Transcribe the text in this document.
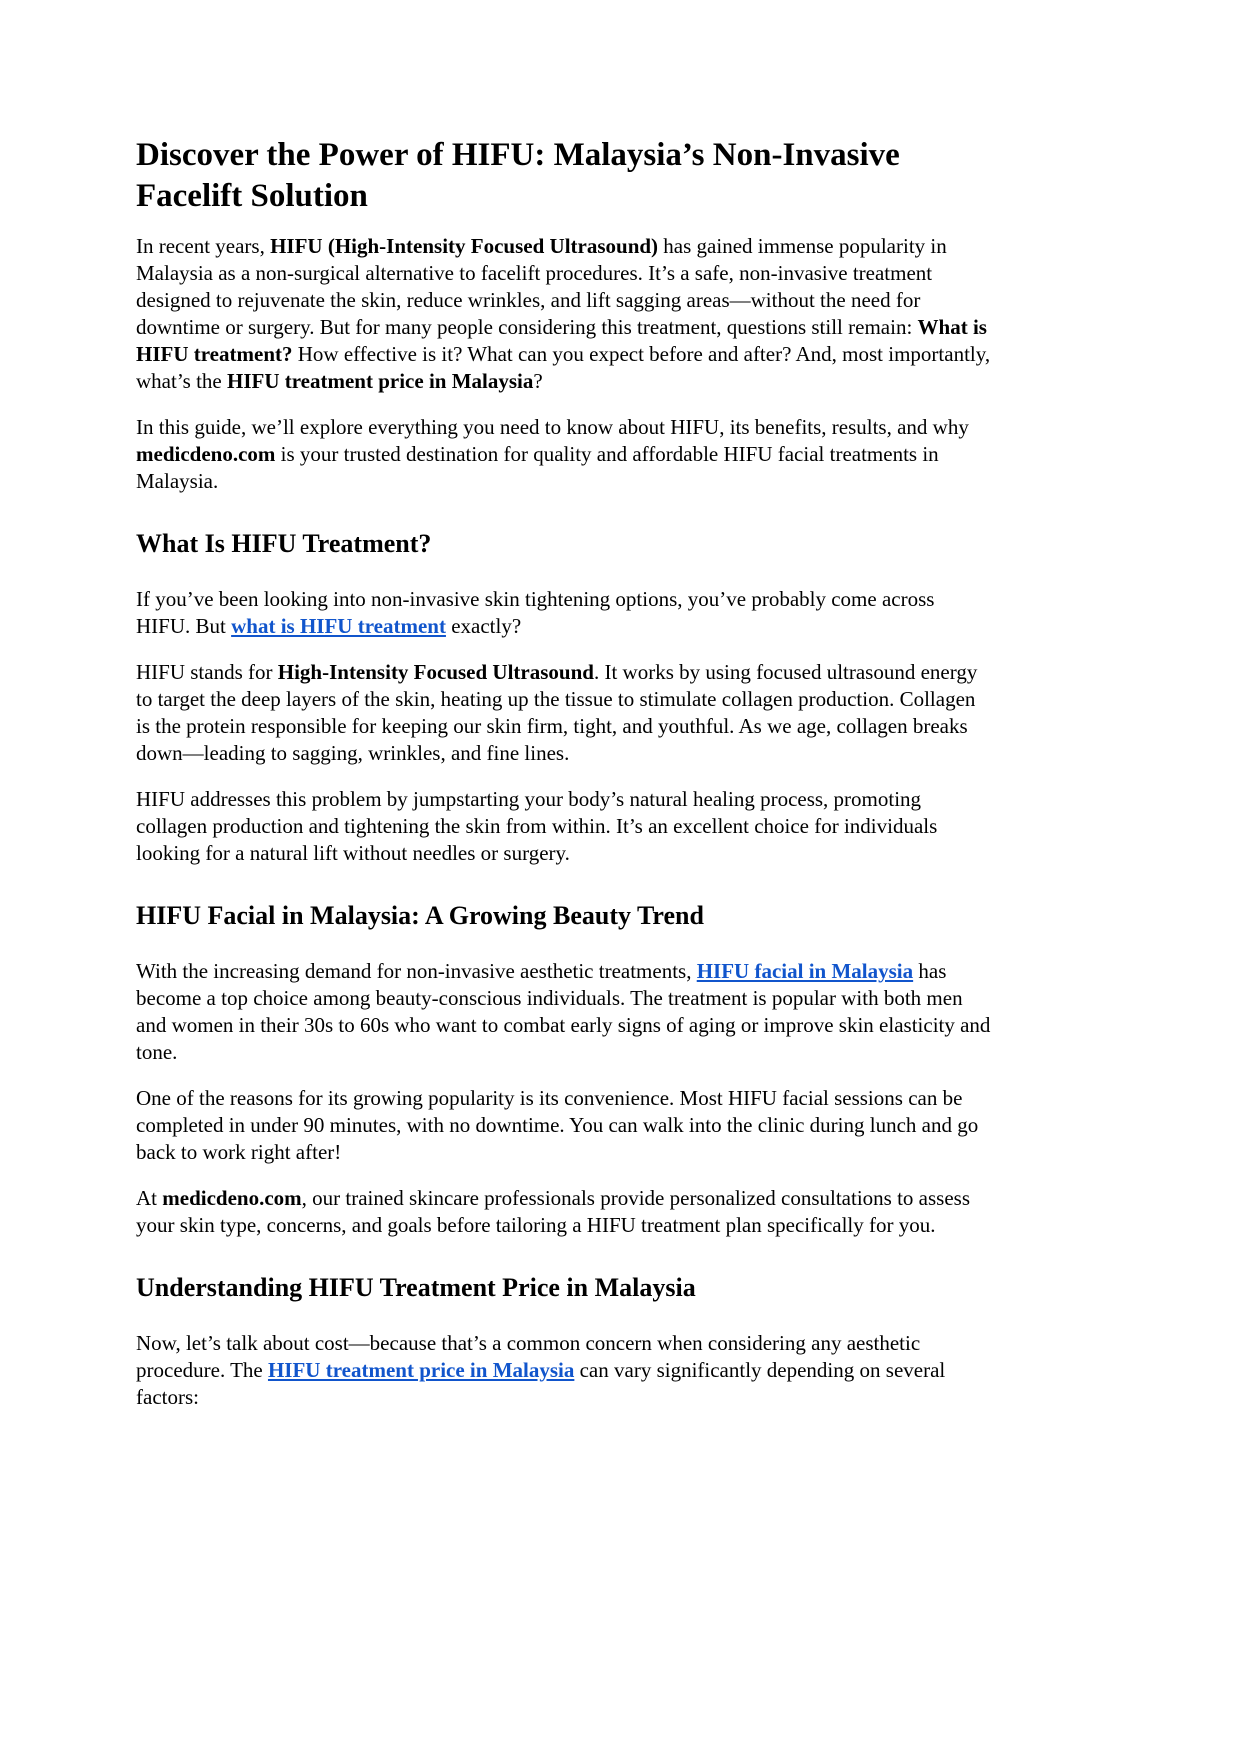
Discover the Power of HIFU: Malaysia’s Non-Invasive Facelift Solution

In recent years, HIFU (High-Intensity Focused Ultrasound) has gained immense popularity in Malaysia as a non-surgical alternative to facelift procedures. It’s a safe, non-invasive treatment designed to rejuvenate the skin, reduce wrinkles, and lift sagging areas—without the need for downtime or surgery. But for many people considering this treatment, questions still remain: What is HIFU treatment? How effective is it? What can you expect before and after? And, most importantly, what’s the HIFU treatment price in Malaysia?

In this guide, we’ll explore everything you need to know about HIFU, its benefits, results, and why medicdeno.com is your trusted destination for quality and affordable HIFU facial treatments in Malaysia.

What Is HIFU Treatment?

If you’ve been looking into non-invasive skin tightening options, you’ve probably come across HIFU. But what is HIFU treatment exactly?

HIFU stands for High-Intensity Focused Ultrasound. It works by using focused ultrasound energy to target the deep layers of the skin, heating up the tissue to stimulate collagen production. Collagen is the protein responsible for keeping our skin firm, tight, and youthful. As we age, collagen breaks down—leading to sagging, wrinkles, and fine lines.

HIFU addresses this problem by jumpstarting your body’s natural healing process, promoting collagen production and tightening the skin from within. It’s an excellent choice for individuals looking for a natural lift without needles or surgery.

HIFU Facial in Malaysia: A Growing Beauty Trend

With the increasing demand for non-invasive aesthetic treatments, HIFU facial in Malaysia has become a top choice among beauty-conscious individuals. The treatment is popular with both men and women in their 30s to 60s who want to combat early signs of aging or improve skin elasticity and tone.

One of the reasons for its growing popularity is its convenience. Most HIFU facial sessions can be completed in under 90 minutes, with no downtime. You can walk into the clinic during lunch and go back to work right after!

At medicdeno.com, our trained skincare professionals provide personalized consultations to assess your skin type, concerns, and goals before tailoring a HIFU treatment plan specifically for you.

Understanding HIFU Treatment Price in Malaysia

Now, let’s talk about cost—because that’s a common concern when considering any aesthetic procedure. The HIFU treatment price in Malaysia can vary significantly depending on several factors:
